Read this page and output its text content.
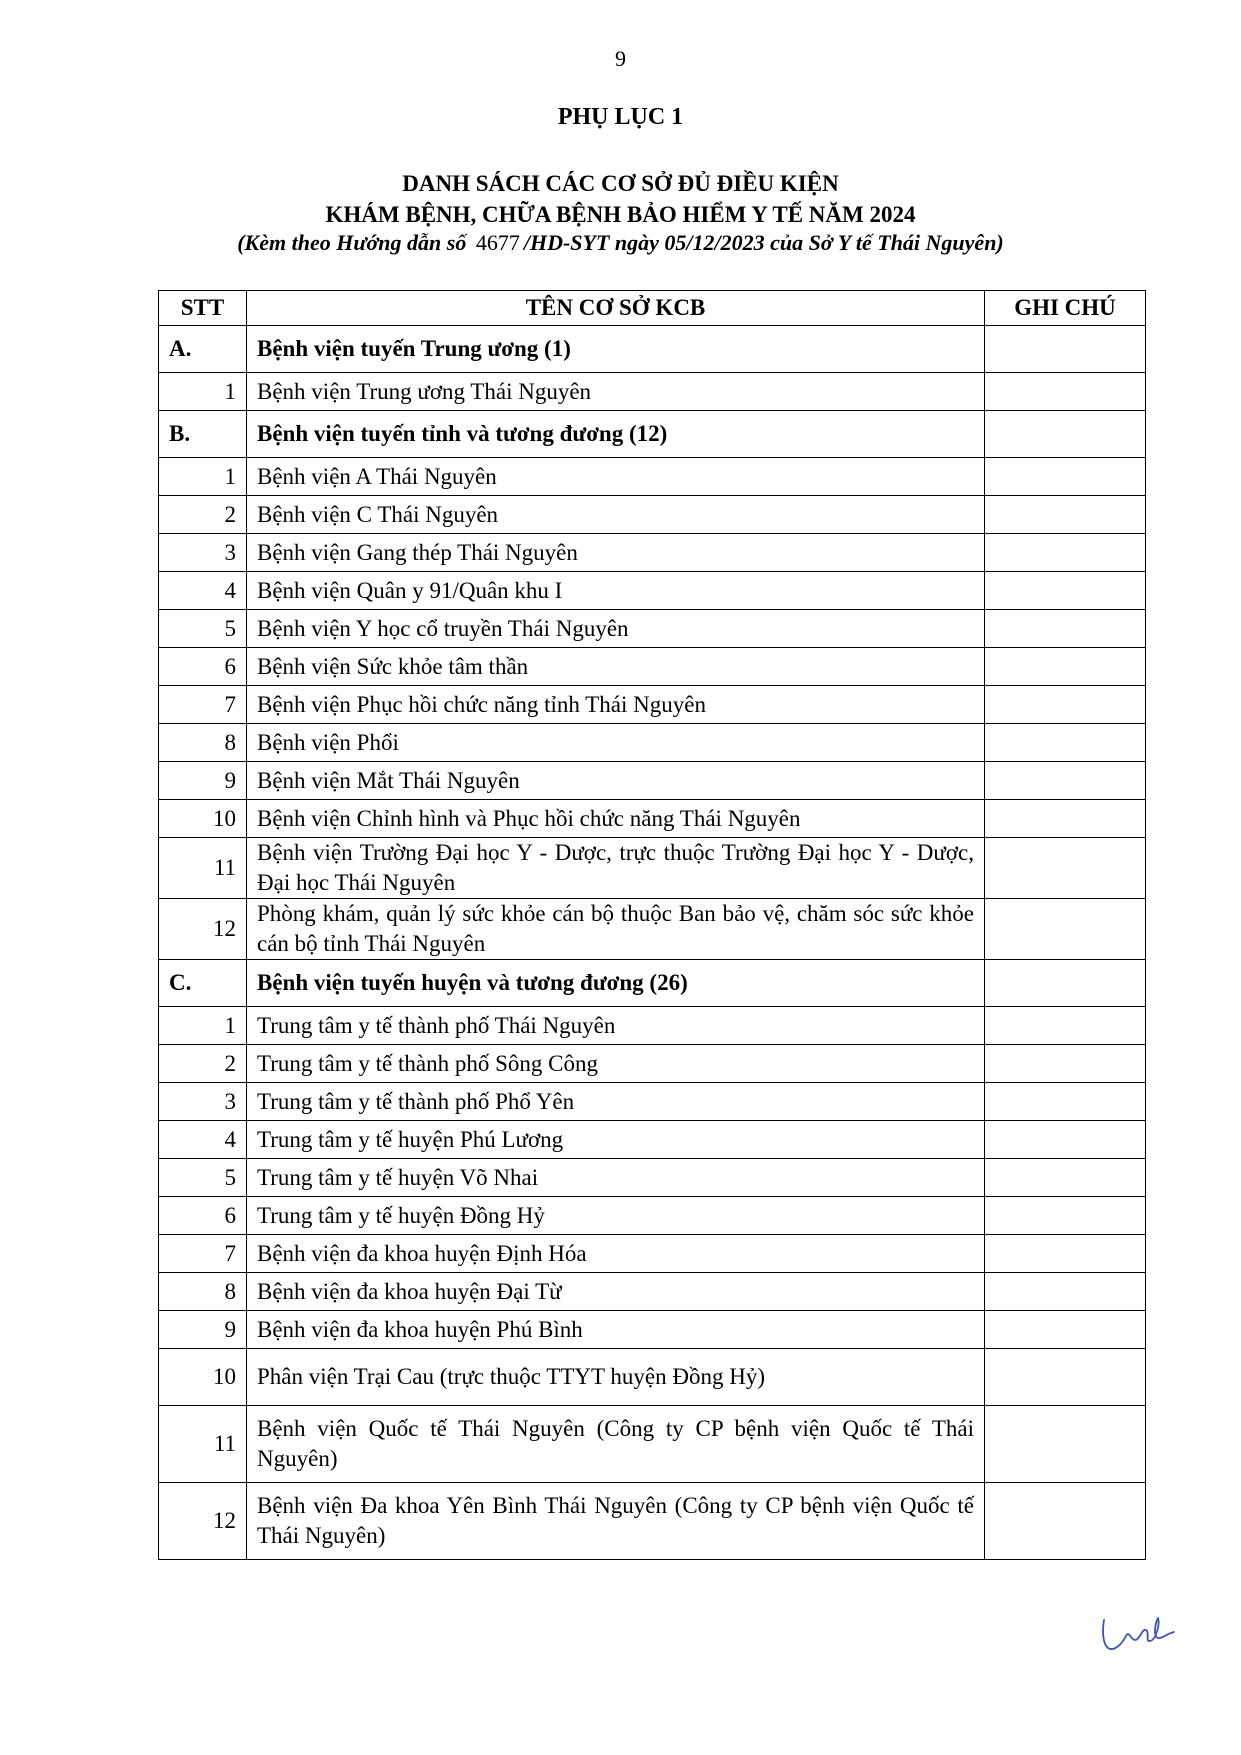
9
PHỤ LỤC 1
DANH SÁCH CÁC CƠ SỞ ĐỦ ĐIỀU KIỆN
KHÁM BỆNH, CHỮA BỆNH BẢO HIỂM Y TẾ NĂM 2024
(Kèm theo Hướng dẫn số 4677 /HD-SYT ngày 05/12/2023 của Sở Y tế Thái Nguyên)
STT	TÊN CƠ SỞ KCB	GHI CHÚ
A.	Bệnh viện tuyến Trung ương (1)	
1	Bệnh viện Trung ương Thái Nguyên	
B.	Bệnh viện tuyến tỉnh và tương đương (12)	
1	Bệnh viện A Thái Nguyên	
2	Bệnh viện C Thái Nguyên	
3	Bệnh viện Gang thép Thái Nguyên	
4	Bệnh viện Quân y 91/Quân khu I	
5	Bệnh viện Y học cổ truyền Thái Nguyên	
6	Bệnh viện Sức khỏe tâm thần	
7	Bệnh viện Phục hồi chức năng tỉnh Thái Nguyên	
8	Bệnh viện Phổi	
9	Bệnh viện Mắt Thái Nguyên	
10	Bệnh viện Chỉnh hình và Phục hồi chức năng Thái Nguyên	
11	Bệnh viện Trường Đại học Y - Dược, trực thuộc Trường Đại học Y - Dược, Đại học Thái Nguyên	
12	Phòng khám, quản lý sức khỏe cán bộ thuộc Ban bảo vệ, chăm sóc sức khỏe cán bộ tỉnh Thái Nguyên	
C.	Bệnh viện tuyến huyện và tương đương (26)	
1	Trung tâm y tế thành phố Thái Nguyên	
2	Trung tâm y tế thành phố Sông Công	
3	Trung tâm y tế thành phố Phổ Yên	
4	Trung tâm y tế huyện Phú Lương	
5	Trung tâm y tế huyện Võ Nhai	
6	Trung tâm y tế huyện Đồng Hỷ	
7	Bệnh viện đa khoa huyện Định Hóa	
8	Bệnh viện đa khoa huyện Đại Từ	
9	Bệnh viện đa khoa huyện Phú Bình	
10	Phân viện Trại Cau (trực thuộc TTYT huyện Đồng Hỷ)	
11	Bệnh viện Quốc tế Thái Nguyên (Công ty CP bệnh viện Quốc tế Thái Nguyên)	
12	Bệnh viện Đa khoa Yên Bình Thái Nguyên (Công ty CP bệnh viện Quốc tế Thái Nguyên)	
